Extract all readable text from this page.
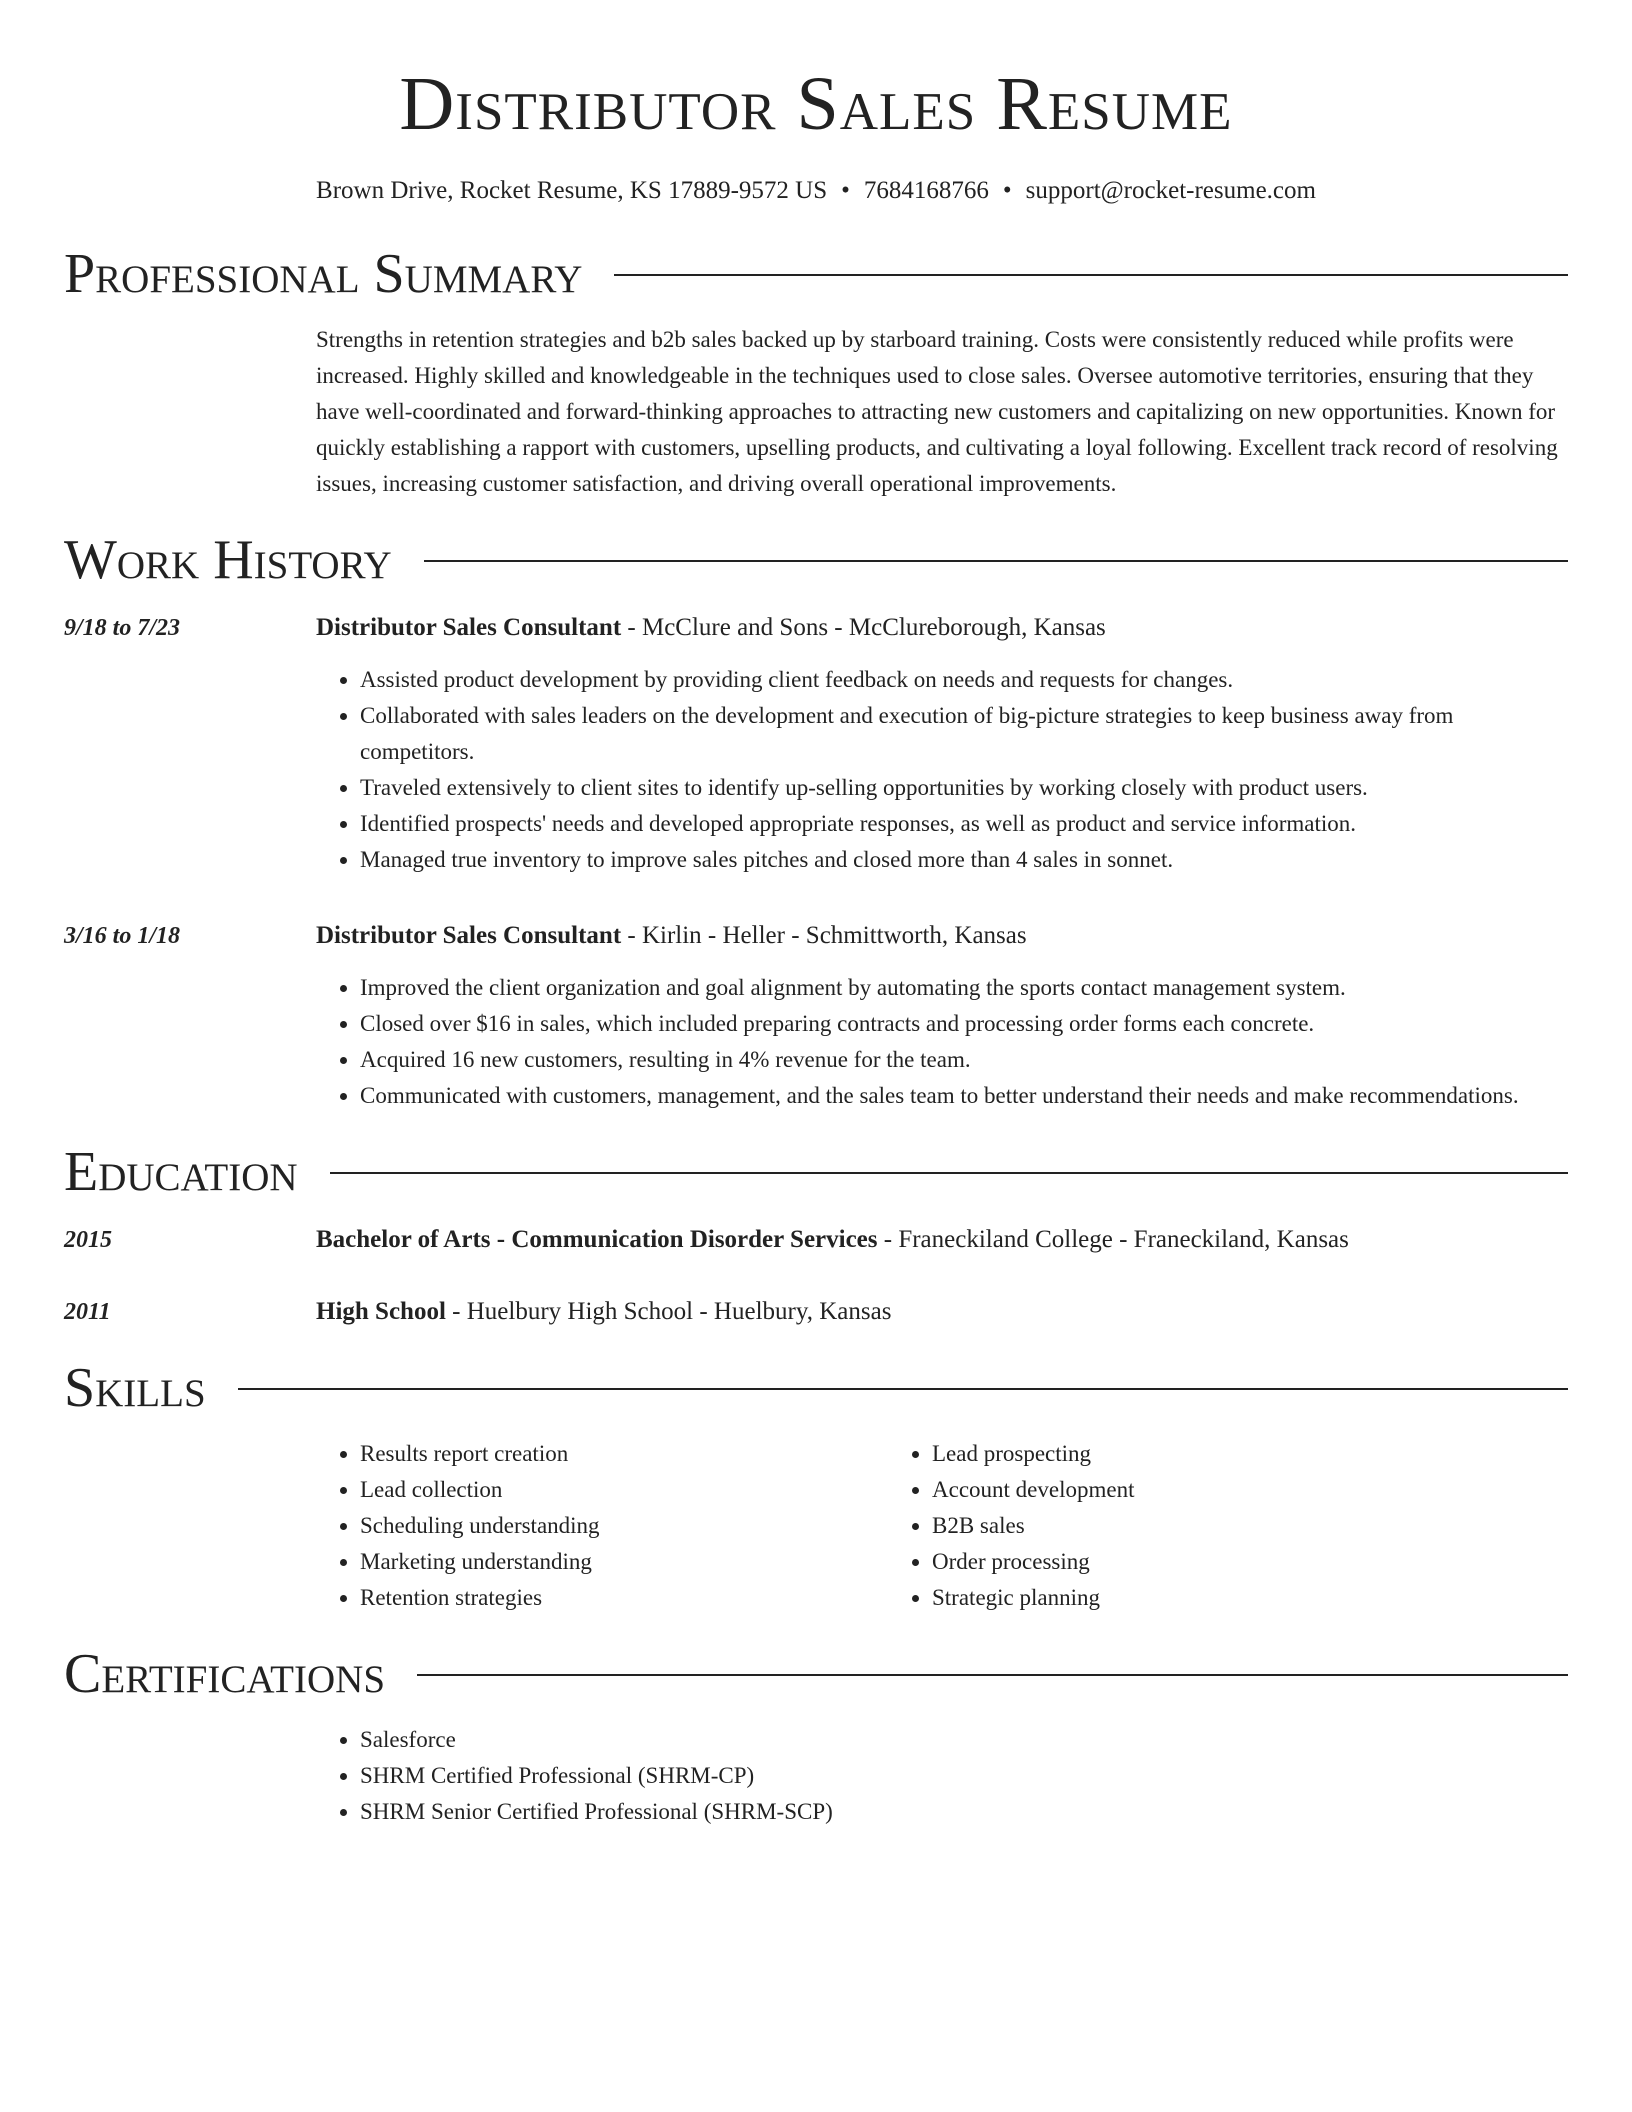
Distributor Sales Resume
Brown Drive, Rocket Resume, KS 17889-9572 US • 7684168766 • support@rocket-resume.com
Professional Summary
Strengths in retention strategies and b2b sales backed up by starboard training. Costs were consistently reduced while profits were increased. Highly skilled and knowledgeable in the techniques used to close sales. Oversee automotive territories, ensuring that they have well-coordinated and forward-thinking approaches to attracting new customers and capitalizing on new opportunities. Known for quickly establishing a rapport with customers, upselling products, and cultivating a loyal following. Excellent track record of resolving issues, increasing customer satisfaction, and driving overall operational improvements.
Work History
9/18 to 7/23	Distributor Sales Consultant - McClure and Sons - McClureborough, Kansas
• Assisted product development by providing client feedback on needs and requests for changes.
• Collaborated with sales leaders on the development and execution of big-picture strategies to keep business away from competitors.
• Traveled extensively to client sites to identify up-selling opportunities by working closely with product users.
• Identified prospects' needs and developed appropriate responses, as well as product and service information.
• Managed true inventory to improve sales pitches and closed more than 4 sales in sonnet.
3/16 to 1/18	Distributor Sales Consultant - Kirlin - Heller - Schmittworth, Kansas
• Improved the client organization and goal alignment by automating the sports contact management system.
• Closed over $16 in sales, which included preparing contracts and processing order forms each concrete.
• Acquired 16 new customers, resulting in 4% revenue for the team.
• Communicated with customers, management, and the sales team to better understand their needs and make recommendations.
Education
2015	Bachelor of Arts - Communication Disorder Services - Franeckiland College - Franeckiland, Kansas
2011	High School - Huelbury High School - Huelbury, Kansas
Skills
• Results report creation
• Lead collection
• Scheduling understanding
• Marketing understanding
• Retention strategies
• Lead prospecting
• Account development
• B2B sales
• Order processing
• Strategic planning
Certifications
• Salesforce
• SHRM Certified Professional (SHRM-CP)
• SHRM Senior Certified Professional (SHRM-SCP)
